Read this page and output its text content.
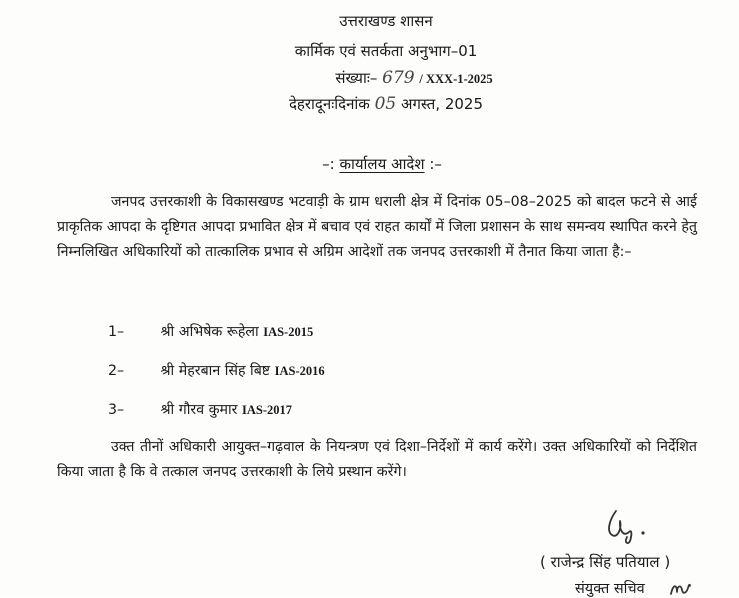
उत्तराखण्ड शासन
कार्मिक एवं सतर्कता अनुभाग–01
संख्याः– 679 / XXX-1-2025
देहरादूनःदिनांक 05 अगस्त, 2025
–: कार्यालय आदेश :–
जनपद उत्तरकाशी के विकासखण्ड भटवाड़ी के ग्राम धराली क्षेत्र में दिनांक 05–08–2025 को बादल फटने से आई प्राकृतिक आपदा के दृष्टिगत आपदा प्रभावित क्षेत्र में बचाव एवं राहत कार्यों में जिला प्रशासन के साथ समन्वय स्थापित करने हेतु निम्नलिखित अधिकारियों को तात्कालिक प्रभाव से अग्रिम आदेशों तक जनपद उत्तरकाशी में तैनात किया जाता है:–
1–	श्री अभिषेक रूहेला IAS-2015
2–	श्री मेहरबान सिंह बिष्ट IAS-2016
3–	श्री गौरव कुमार IAS-2017
उक्त तीनों अधिकारी आयुक्त–गढ़वाल के नियन्त्रण एवं दिशा–निर्देशों में कार्य करेंगे। उक्त अधिकारियों को निर्देशित किया जाता है कि वे तत्काल जनपद उत्तरकाशी के लिये प्रस्थान करेंगे।
( राजेन्द्र सिंह पतियाल )
संयुक्त सचिव
